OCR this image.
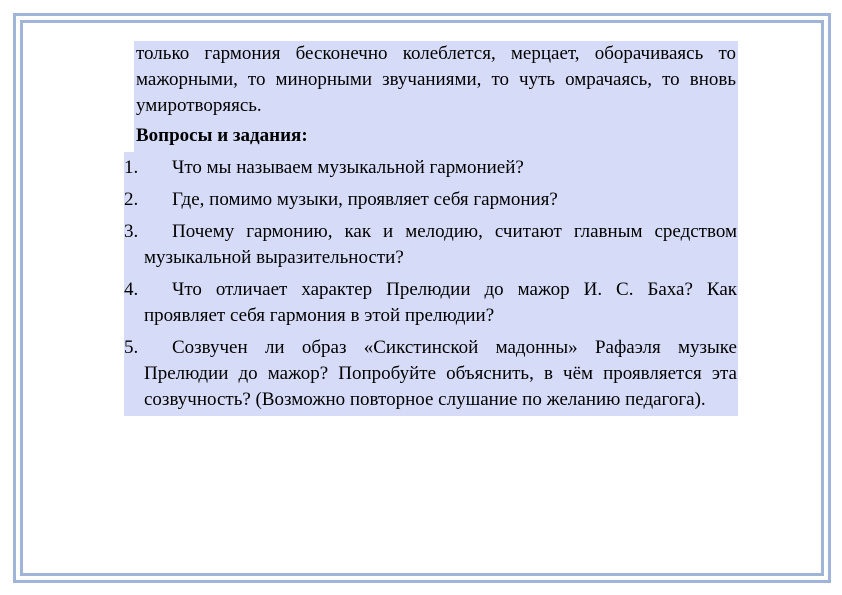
только гармония бесконечно колеблется, мерцает, оборачиваясь то мажорными, то минорными звучаниями, то чуть омрачаясь, то вновь умиротворяясь.
Вопросы и задания:
1.	Что мы называем музыкальной гармонией?
2.	Где, помимо музыки, проявляет себя гармония?
3.	Почему гармонию, как и мелодию, считают главным средством музыкальной выразительности?
4.	Что отличает характер Прелюдии до мажор И. С. Баха? Как проявляет себя гармония в этой прелюдии?
5.	Созвучен ли образ «Сикстинской мадонны» Рафаэля музыке Прелюдии до мажор? Попробуйте объяснить, в чём проявляется эта созвучность? (Возможно повторное слушание по желанию педагога).
